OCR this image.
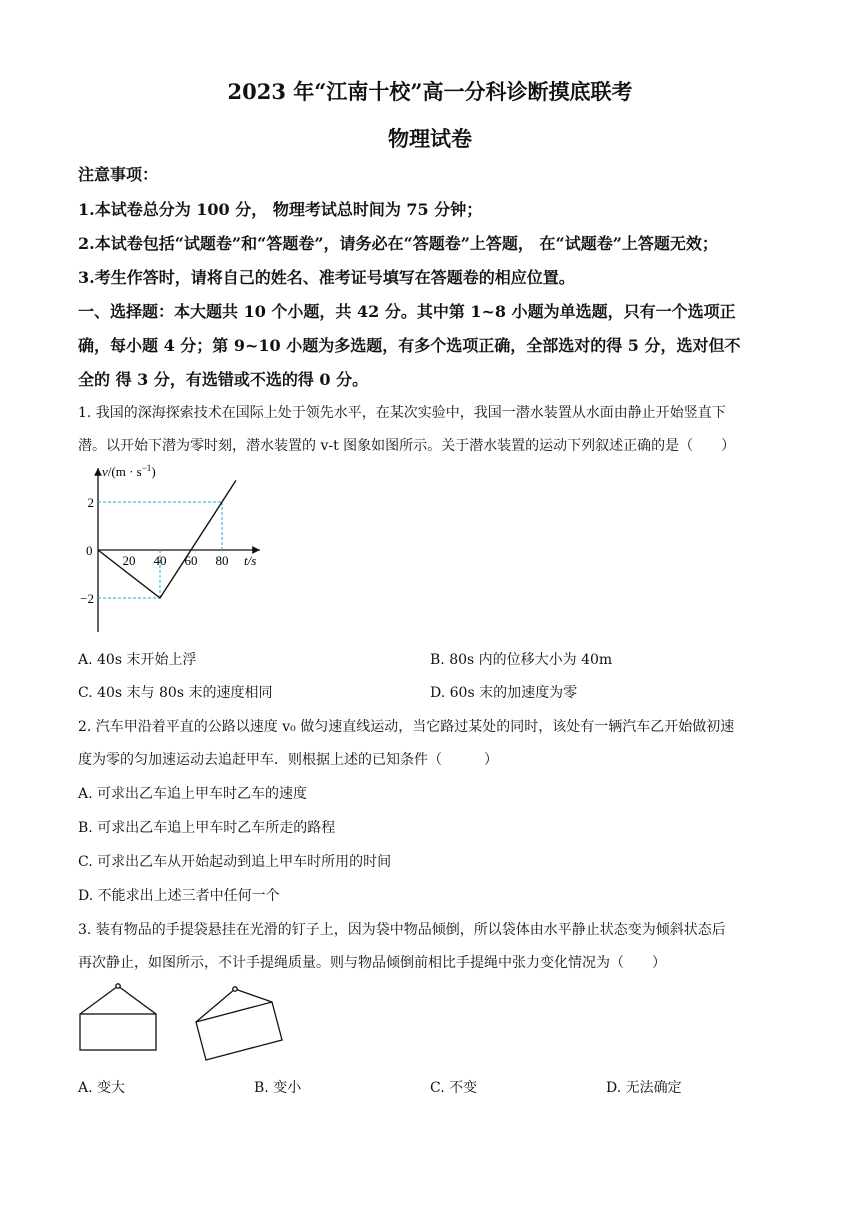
2023 年“江南十校”高一分科诊断摸底联考
物理试卷
注意事项：
1.本试卷总分为 100 分， 物理考试总时间为 75 分钟；
2.本试卷包括“试题卷”和“答题卷”，请务必在“答题卷”上答题， 在“试题卷”上答题无效；
3.考生作答时，请将自己的姓名、准考证号填写在答题卷的相应位置。
一、选择题：本大题共 10 个小题，共 42 分。其中第 1~8 小题为单选题，只有一个选项正
确，每小题 4 分；第 9~10 小题为多选题，有多个选项正确，全部选对的得 5 分，选对但不
全的 得 3 分，有选错或不选的得 0 分。
1. 我国的深海探索技术在国际上处于领先水平，在某次实验中，我国一潜水装置从水面由静止开始竖直下
潜。以开始下潜为零时刻，潜水装置的 v-t 图象如图所示。关于潜水装置的运动下列叙述正确的是（　　）
$v/(m \cdot s^{-1})$
t/s
0
20 40 60 80
2
−2
A. 40s 末开始上浮	B. 80s 内的位移大小为 40m
C. 40s 末与 80s 末的速度相同	D. 60s 末的加速度为零
2. 汽车甲沿着平直的公路以速度 v₀ 做匀速直线运动，当它路过某处的同时，该处有一辆汽车乙开始做初速
度为零的匀加速运动去追赶甲车．则根据上述的已知条件（　　　）
A. 可求出乙车追上甲车时乙车的速度
B. 可求出乙车追上甲车时乙车所走的路程
C. 可求出乙车从开始起动到追上甲车时所用的时间
D. 不能求出上述三者中任何一个
3. 装有物品的手提袋悬挂在光滑的钉子上，因为袋中物品倾倒，所以袋体由水平静止状态变为倾斜状态后
再次静止，如图所示，不计手提绳质量。则与物品倾倒前相比手提绳中张力变化情况为（　　）
A. 变大	B. 变小	C. 不变	D. 无法确定
